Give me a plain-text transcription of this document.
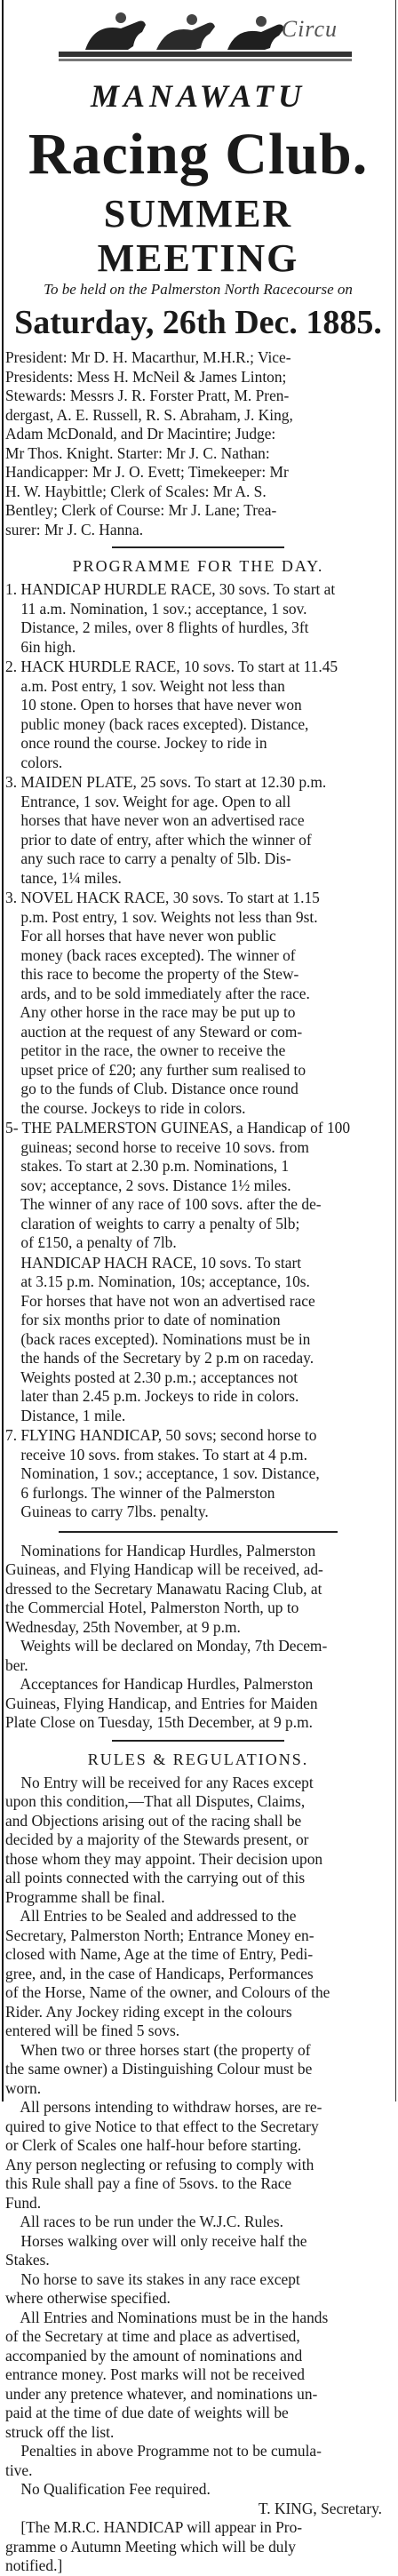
Circu
MANAWATU
Racing Club.
SUMMER MEETING
To be held on the Palmerston North Racecourse on
Saturday, 26th Dec. 1885.
President: Mr D. H. Macarthur, M.H.R.; Vice-
Presidents: Mess H. McNeil & James Linton;
Stewards: Messrs J. R. Forster Pratt, M. Pren-
dergast, A. E. Russell, R. S. Abraham, J. King,
Adam McDonald, and Dr Macintire; Judge:
Mr Thos. Knight. Starter: Mr J. C. Nathan:
Handicapper: Mr J. O. Evett; Timekeeper: Mr
H. W. Haybittle; Clerk of Scales: Mr A. S.
Bentley; Clerk of Course: Mr J. Lane; Trea-
surer: Mr J. C. Hanna.
PROGRAMME FOR THE DAY.
1. HANDICAP HURDLE RACE, 30 sovs. To start at
11 a.m. Nomination, 1 sov.; acceptance, 1 sov.
Distance, 2 miles, over 8 flights of hurdles, 3ft
6in high.
2. HACK HURDLE RACE, 10 sovs. To start at 11.45
a.m. Post entry, 1 sov. Weight not less than
10 stone. Open to horses that have never won
public money (back races excepted). Distance,
once round the course. Jockey to ride in
colors.
3. MAIDEN PLATE, 25 sovs. To start at 12.30 p.m.
Entrance, 1 sov. Weight for age. Open to all
horses that have never won an advertised race
prior to date of entry, after which the winner of
any such race to carry a penalty of 5lb. Dis-
tance, 1¼ miles.
3. NOVEL HACK RACE, 30 sovs. To start at 1.15
p.m. Post entry, 1 sov. Weights not less than 9st.
For all horses that have never won public
money (back races excepted). The winner of
this race to become the property of the Stew-
ards, and to be sold immediately after the race.
Any other horse in the race may be put up to
auction at the request of any Steward or com-
petitor in the race, the owner to receive the
upset price of £20; any further sum realised to
go to the funds of Club. Distance once round
the course. Jockeys to ride in colors.
5- THE PALMERSTON GUINEAS, a Handicap of 100
guineas; second horse to receive 10 sovs. from
stakes. To start at 2.30 p.m. Nominations, 1
sov; acceptance, 2 sovs. Distance 1½ miles.
The winner of any race of 100 sovs. after the de-
claration of weights to carry a penalty of 5lb;
of £150, a penalty of 7lb.
HANDICAP HACH RACE, 10 sovs. To start
at 3.15 p.m. Nomination, 10s; acceptance, 10s.
For horses that have not won an advertised race
for six months prior to date of nomination
(back races excepted). Nominations must be in
the hands of the Secretary by 2 p.m on raceday.
Weights posted at 2.30 p.m.; acceptances not
later than 2.45 p.m. Jockeys to ride in colors.
Distance, 1 mile.
7. FLYING HANDICAP, 50 sovs; second horse to
receive 10 sovs. from stakes. To start at 4 p.m.
Nomination, 1 sov.; acceptance, 1 sov. Distance,
6 furlongs. The winner of the Palmerston
Guineas to carry 7lbs. penalty.
Nominations for Handicap Hurdles, Palmerston
Guineas, and Flying Handicap will be received, ad-
dressed to the Secretary Manawatu Racing Club, at
the Commercial Hotel, Palmerston North, up to
Wednesday, 25th November, at 9 p.m.
Weights will be declared on Monday, 7th Decem-
ber.
Acceptances for Handicap Hurdles, Palmerston
Guineas, Flying Handicap, and Entries for Maiden
Plate Close on Tuesday, 15th December, at 9 p.m.
RULES & REGULATIONS.
No Entry will be received for any Races except
upon this condition,—That all Disputes, Claims,
and Objections arising out of the racing shall be
decided by a majority of the Stewards present, or
those whom they may appoint. Their decision upon
all points connected with the carrying out of this
Programme shall be final.
All Entries to be Sealed and addressed to the
Secretary, Palmerston North; Entrance Money en-
closed with Name, Age at the time of Entry, Pedi-
gree, and, in the case of Handicaps, Performances
of the Horse, Name of the owner, and Colours of the
Rider. Any Jockey riding except in the colours
entered will be fined 5 sovs.
When two or three horses start (the property of
the same owner) a Distinguishing Colour must be
worn.
All persons intending to withdraw horses, are re-
quired to give Notice to that effect to the Secretary
or Clerk of Scales one half-hour before starting.
Any person neglecting or refusing to comply with
this Rule shall pay a fine of 5sovs. to the Race
Fund.
All races to be run under the W.J.C. Rules.
Horses walking over will only receive half the
Stakes.
No horse to save its stakes in any race except
where otherwise specified.
All Entries and Nominations must be in the hands
of the Secretary at time and place as advertised,
accompanied by the amount of nominations and
entrance money. Post marks will not be received
under any pretence whatever, and nominations un-
paid at the time of due date of weights will be
struck off the list.
Penalties in above Programme not to be cumula-
tive.
No Qualification Fee required.
T. KING, Secretary.
[The M.R.C. HANDICAP will appear in Pro-
gramme o Autumn Meeting which will be duly
notified.]
